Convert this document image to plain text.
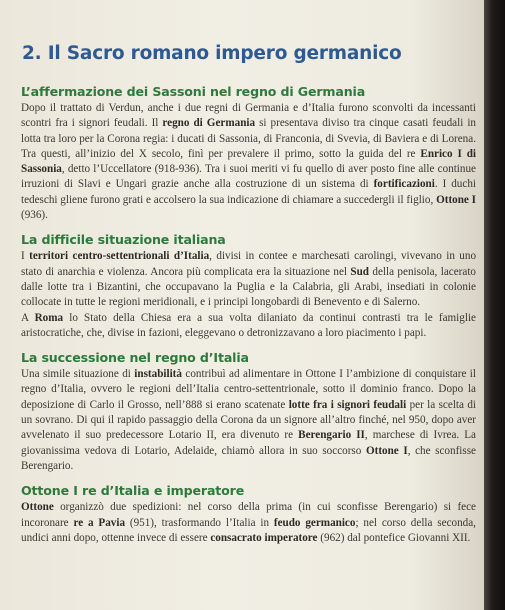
2. Il Sacro romano impero germanico
L’affermazione dei Sassoni nel regno di Germania

Dopo il trattato di Verdun, anche i due regni di Germania e d’Italia furono sconvolti da incessanti scontri fra i signori feudali. Il regno di Germania si presentava diviso tra cinque casati feudali in lotta tra loro per la Corona regia: i ducati di Sassonia, di Franconia, di Svevia, di Baviera e di Lorena. Tra questi, all’inizio del X secolo, finì per prevalere il primo, sotto la guida del re Enrico I di Sassonia, detto l’Uccellatore (918-936). Tra i suoi meriti vi fu quello di aver posto fine alle continue irruzioni di Slavi e Ungari grazie anche alla costruzione di un sistema di fortificazioni. I duchi tedeschi gliene furono grati e accolsero la sua indicazione di chiamare a succedergli il figlio, Ottone I (936).

La difficile situazione italiana

I territori centro-settentrionali d’Italia, divisi in contee e marchesati carolingi, vivevano in uno stato di anarchia e violenza. Ancora più complicata era la situazione nel Sud della penisola, lacerato dalle lotte tra i Bizantini, che occupavano la Puglia e la Calabria, gli Arabi, insediati in colonie collocate in tutte le regioni meridionali, e i principi longobardi di Benevento e di Salerno.

A Roma lo Stato della Chiesa era a sua volta dilaniato da continui contrasti tra le famiglie aristocratiche, che, divise in fazioni, eleggevano o detronizzavano a loro piacimento i papi.

La successione nel regno d’Italia

Una simile situazione di instabilità contribuì ad alimentare in Ottone I l’ambizione di conquistare il regno d’Italia, ovvero le regioni dell’Italia centro-settentrionale, sotto il dominio franco. Dopo la deposizione di Carlo il Grosso, nell’888 si erano scatenate lotte fra i signori feudali per la scelta di un sovrano. Di qui il rapido passaggio della Corona da un signore all’altro finché, nel 950, dopo aver avvelenato il suo predecessore Lotario II, era divenuto re Berengario II, marchese di Ivrea. La giovanissima vedova di Lotario, Adelaide, chiamò allora in suo soccorso Ottone I, che sconfisse Berengario.

Ottone I re d’Italia e imperatore

Ottone organizzò due spedizioni: nel corso della prima (in cui sconfisse Berengario) si fece incoronare re a Pavia (951), trasformando l’Italia in feudo germanico; nel corso della seconda, undici anni dopo, ottenne invece di essere consacrato imperatore (962) dal pontefice Giovanni XII.
